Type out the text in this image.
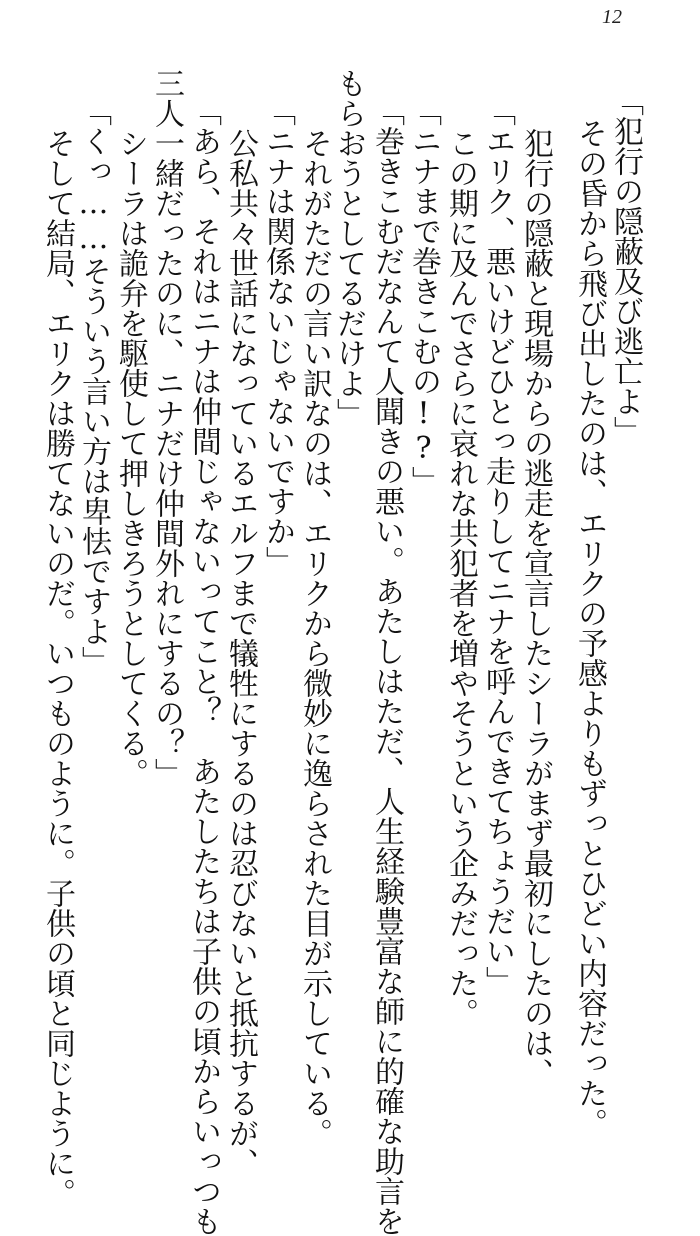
12
「犯行の隠蔽及び逃亡よ」
その昏から飛び出したのは、エリクの予感よりもずっとひどい内容だった。
犯行の隠蔽と現場からの逃走を宣言したシーラがまず最初にしたのは、
「エリク、悪いけどひとっ走りしてニナを呼んできてちょうだい」
この期に及んでさらに哀れな共犯者を増やそうという企みだった。
「ニナまで巻きこむの!?」
「巻きこむだなんて人聞きの悪い。あたしはただ、人生経験豊富な師に的確な助言を
もらおうとしてるだけよ」
それがただの言い訳なのは、エリクから微妙に逸らされた目が示している。
「ニナは関係ないじゃないですか」
公私共々世話になっているエルフまで犠牲にするのは忍びないと抵抗するが、
「あら、それはニナは仲間じゃないってこと？　あたしたちは子供の頃からいっつも
三人一緒だったのに、ニナだけ仲間外れにするの？」
シーラは詭弁を駆使して押しきろうとしてくる。
「くっ……そういう言い方は卑怯ですよ」
そして結局、エリクは勝てないのだ。いつものように。子供の頃と同じように。
